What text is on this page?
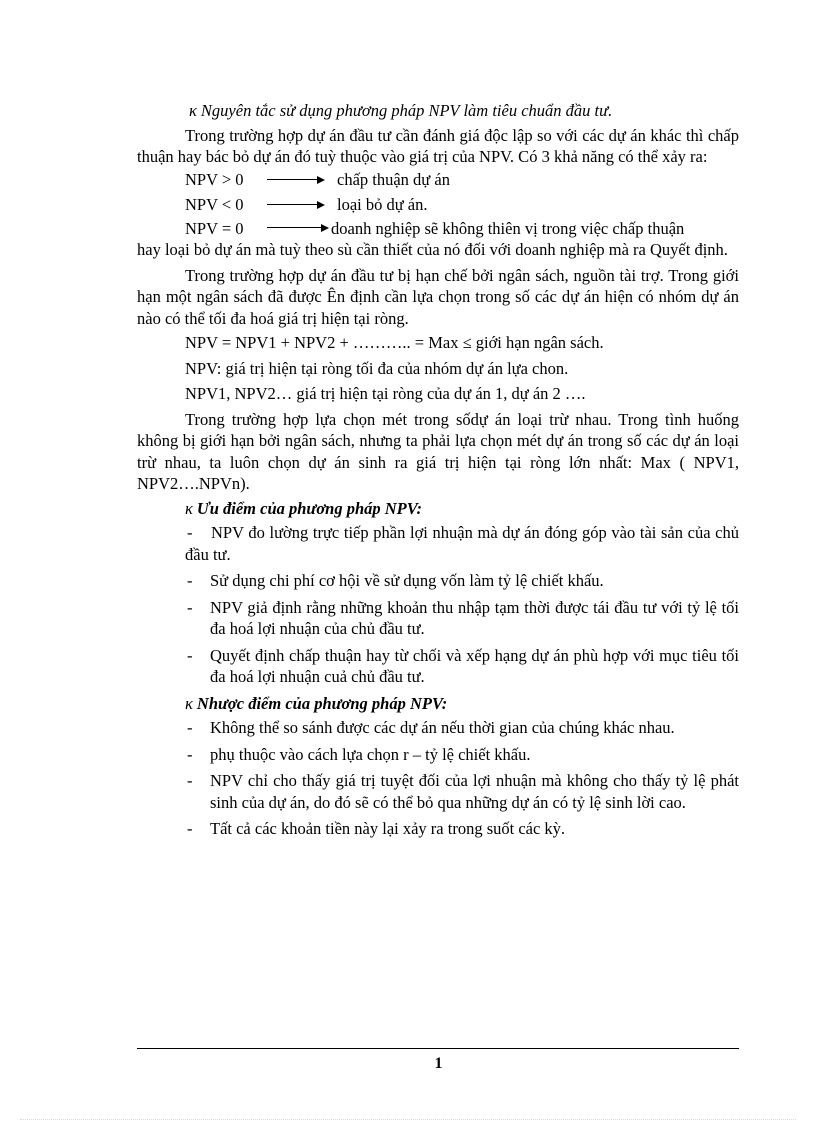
κ Nguyên tắc sử dụng phương pháp NPV làm tiêu chuẩn đầu tư.

Trong trường hợp dự án đầu tư cần đánh giá độc lập so với các dự án khác thì chấp thuận hay bác bỏ dự án đó tuỳ thuộc vào giá trị của NPV. Có 3 khả năng có thể xảy ra:

NPV > 0	chấp thuận dự án
NPV < 0	loại bỏ dự án.
NPV = 0	doanh nghiệp sẽ không thiên vị trong việc chấp thuận

hay loại bỏ dự án mà tuỳ theo sù cần thiết của nó đối với doanh nghiệp mà ra Quyết định.

Trong trường hợp dự án đầu tư bị hạn chế bởi ngân sách, nguồn tài trợ. Trong giới hạn một ngân sách đã được Ên định cần lựa chọn trong số các dự án hiện có nhóm dự án nào có thể tối đa hoá giá trị hiện tại ròng.

NPV = NPV1 + NPV2 + ……….. = Max ≤ giới hạn ngân sách.

NPV: giá trị hiện tại ròng tối đa của nhóm dự án lựa chon.

NPV1, NPV2… giá trị hiện tại ròng của dự án 1, dự án 2 ….

Trong trường hợp lựa chọn mét trong sốdự án loại trừ nhau. Trong tình huống không bị giới hạn bởi ngân sách, nhưng ta phải lựa chọn mét dự án trong số các dự án loại trừ nhau, ta luôn chọn dự án sinh ra giá trị hiện tại ròng lớn nhất: Max ( NPV1, NPV2….NPVn).

κ Ưu điểm của phương pháp NPV:

- NPV đo lường trực tiếp phần lợi nhuận mà dự án đóng góp vào tài sản của chủ đầu tư.
- Sử dụng chi phí cơ hội về sử dụng vốn làm tỷ lệ chiết khấu.
- NPV giả định rằng những khoản thu nhập tạm thời được tái đầu tư với tỷ lệ tối đa hoá lợi nhuận của chủ đầu tư.
- Quyết định chấp thuận hay từ chối và xếp hạng dự án phù hợp với mục tiêu tối đa hoá lợi nhuận cuả chủ đầu tư.

κ Nhược điểm của phương pháp NPV:

- Không thể so sánh được các dự án nếu thời gian của chúng khác nhau.
- phụ thuộc vào cách lựa chọn r – tỷ lệ chiết khấu.
- NPV chỉ cho thấy giá trị tuyệt đối của lợi nhuận mà không cho thấy tỷ lệ phát sinh của dự án, do đó sẽ có thể bỏ qua những dự án có tỷ lệ sinh lời cao.
- Tất cả các khoản tiền này lại xảy ra trong suốt các kỳ.
1
